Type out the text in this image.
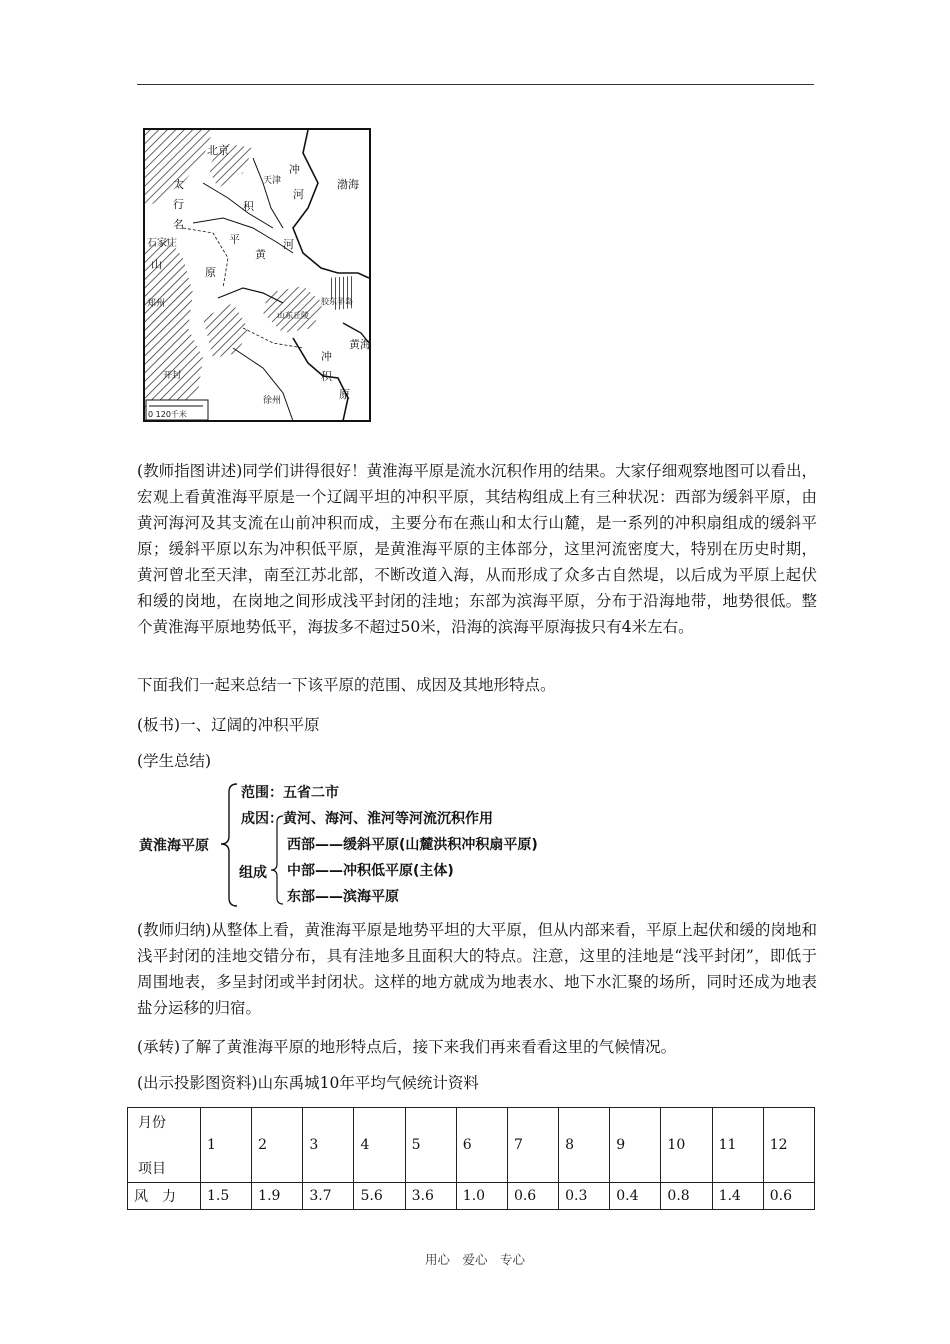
北京
天津
石家庄
渤海
黄海
太
行
名
山
冲
河
积
平
原
黄
河
山东丘陵
胶东半岛
徐州
郑州
开封
冲
积
原
0 120千米

(教师指图讲述)同学们讲得很好！黄淮海平原是流水沉积作用的结果。大家仔细观察地图可以看出，宏观上看黄淮海平原是一个辽阔平坦的冲积平原，其结构组成上有三种状况：西部为缓斜平原，由黄河海河及其支流在山前冲积而成，主要分布在燕山和太行山麓，是一系列的冲积扇组成的缓斜平原；缓斜平原以东为冲积低平原，是黄淮海平原的主体部分，这里河流密度大，特别在历史时期，黄河曾北至天津，南至江苏北部，不断改道入海，从而形成了众多古自然堤，以后成为平原上起伏和缓的岗地，在岗地之间形成浅平封闭的洼地；东部为滨海平原，分布于沿海地带，地势很低。整个黄淮海平原地势低平，海拔多不超过50米，沿海的滨海平原海拔只有4米左右。

下面我们一起来总结一下该平原的范围、成因及其地形特点。

(板书)一、辽阔的冲积平原

(学生总结)

黄淮海平原
范围：五省二市
成因：黄河、海河、淮河等河流沉积作用
组成
西部——缓斜平原(山麓洪积冲积扇平原)
中部——冲积低平原(主体)
东部——滨海平原

(教师归纳)从整体上看，黄淮海平原是地势平坦的大平原，但从内部来看，平原上起伏和缓的岗地和浅平封闭的洼地交错分布，具有洼地多且面积大的特点。注意，这里的洼地是“浅平封闭”，即低于周围地表，多呈封闭或半封闭状。这样的地方就成为地表水、地下水汇聚的场所，同时还成为地表盐分运移的归宿。

(承转)了解了黄淮海平原的地形特点后，接下来我们再来看看这里的气候情况。

(出示投影图资料)山东禹城10年平均气候统计资料

月份
项目	1	2	3	4	5	6	7	8	9	10	11	12
风　力	1.5	1.9	3.7	5.6	3.6	1.0	0.6	0.3	0.4	0.8	1.4	0.6
用心　爱心　专心
